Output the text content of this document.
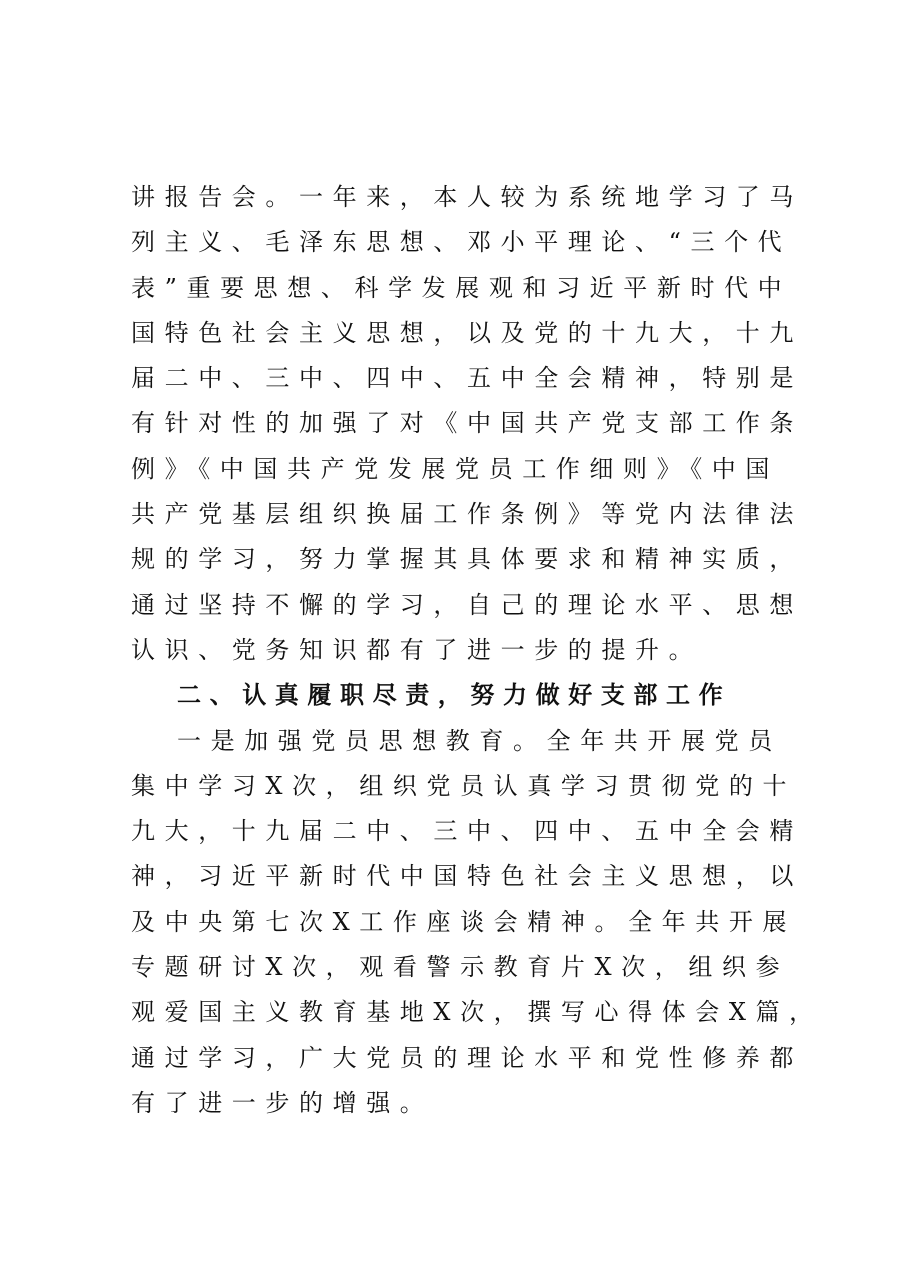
讲报告会。一年来，本人较为系统地学习了马
列主义、毛泽东思想、邓小平理论、“三个代
表”重要思想、科学发展观和习近平新时代中
国特色社会主义思想，以及党的十九大，十九
届二中、三中、四中、五中全会精神，特别是
有针对性的加强了对《中国共产党支部工作条
例》《中国共产党发展党员工作细则》《中国
共产党基层组织换届工作条例》等党内法律法
规的学习，努力掌握其具体要求和精神实质，
通过坚持不懈的学习，自己的理论水平、思想
认识、党务知识都有了进一步的提升。
二、认真履职尽责，努力做好支部工作
一是加强党员思想教育。全年共开展党员
集中学习X次，组织党员认真学习贯彻党的十
九大，十九届二中、三中、四中、五中全会精
神，习近平新时代中国特色社会主义思想，以
及中央第七次X工作座谈会精神。全年共开展
专题研讨X次，观看警示教育片X次，组织参
观爱国主义教育基地X次，撰写心得体会X篇，
通过学习，广大党员的理论水平和党性修养都
有了进一步的增强。
